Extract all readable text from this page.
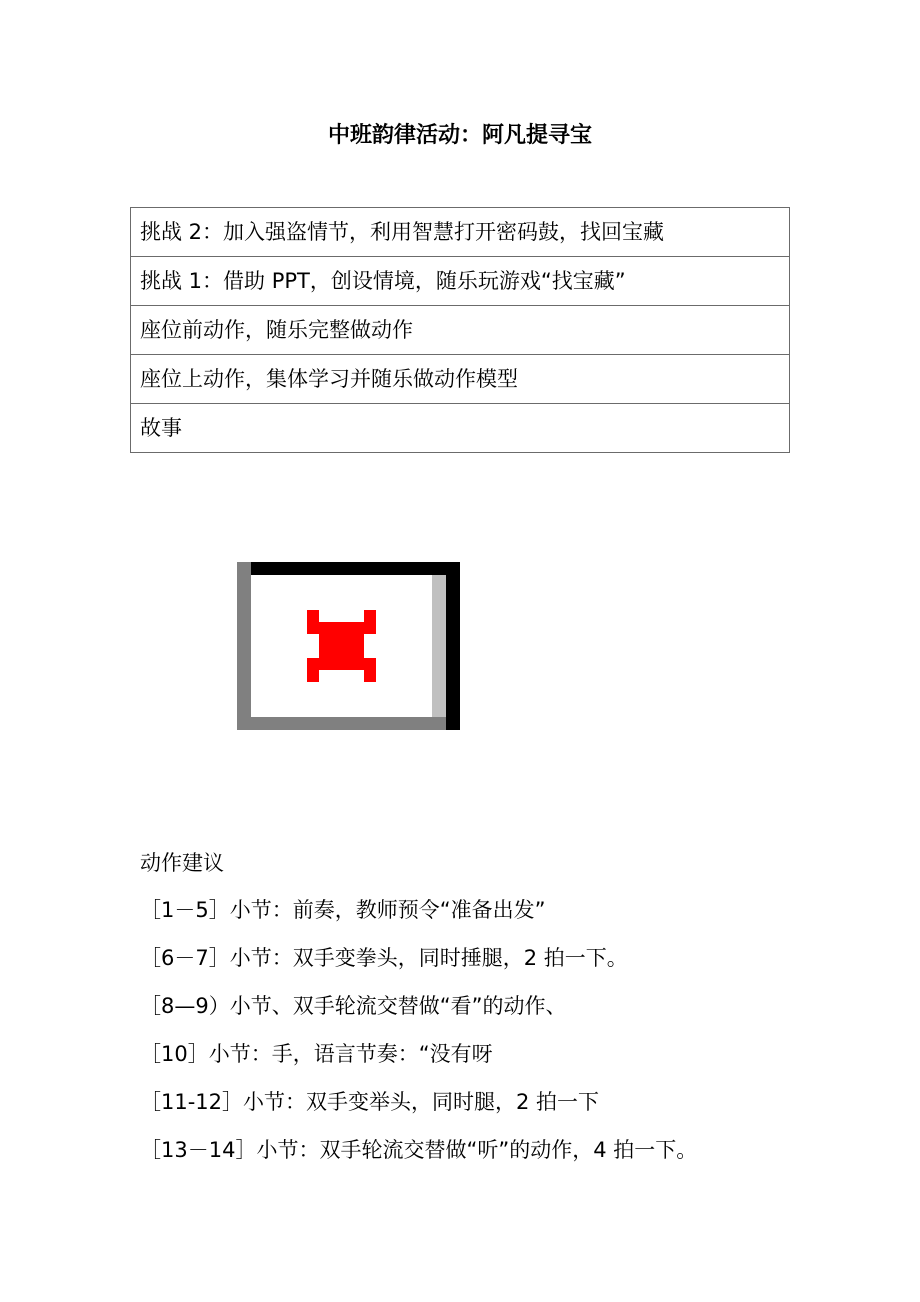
中班韵律活动：阿凡提寻宝
挑战 2：加入强盗情节，利用智慧打开密码鼓，找回宝藏
挑战 1：借助 PPT，创设情境，随乐玩游戏“找宝藏”
座位前动作，随乐完整做动作
座位上动作，集体学习并随乐做动作模型
故事
动作建议
［1－5］小节：前奏，教师预令“准备出发”
［6－7］小节：双手变拳头，同时捶腿，2 拍一下。
［8—9）小节、双手轮流交替做“看”的动作、
［10］小节：手，语言节奏：“没有呀
［11-12］小节：双手变举头，同时腿，2 拍一下
［13－14］小节：双手轮流交替做“听”的动作，4 拍一下。
